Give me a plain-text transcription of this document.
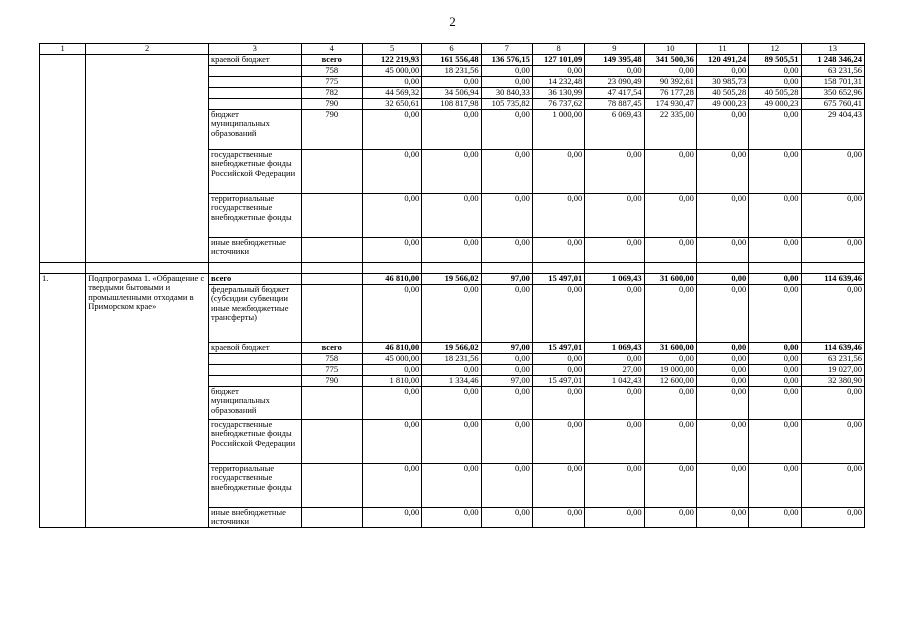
2
1	2	3	4	5	6	7	8	9	10	11	12	13
		краевой бюджет	всего	122 219,93	161 556,48	136 576,15	127 101,09	149 395,48	341 500,36	120 491,24	89 505,51	1 248 346,24
			758	45 000,00	18 231,56	0,00	0,00	0,00	0,00	0,00	0,00	63 231,56
			775	0,00	0,00	0,00	14 232,48	23 090,49	90 392,61	30 985,73	0,00	158 701,31
			782	44 569,32	34 506,94	30 840,33	36 130,99	47 417,54	76 177,28	40 505,28	40 505,28	350 652,96
			790	32 650,61	108 817,98	105 735,82	76 737,62	78 887,45	174 930,47	49 000,23	49 000,23	675 760,41
		бюджет муниципальных образований	790	0,00	0,00	0,00	1 000,00	6 069,43	22 335,00	0,00	0,00	29 404,43
		государственные внебюджетные фонды Российской Федерации		0,00	0,00	0,00	0,00	0,00	0,00	0,00	0,00	0,00
		территориальные государственные внебюджетные фонды		0,00	0,00	0,00	0,00	0,00	0,00	0,00	0,00	0,00
		иные внебюджетные источники		0,00	0,00	0,00	0,00	0,00	0,00	0,00	0,00	0,00

1.	Подпрограмма 1. «Обращение с твердыми бытовыми и промышленными отходами в Приморском крае»	всего		46 810,00	19 566,02	97,00	15 497,01	1 069,43	31 600,00	0,00	0,00	114 639,46
		федеральный бюджет (субсидии субвенции иные межбюджетные трансферты)		0,00	0,00	0,00	0,00	0,00	0,00	0,00	0,00	0,00
		краевой бюджет	всего	46 810,00	19 566,02	97,00	15 497,01	1 069,43	31 600,00	0,00	0,00	114 639,46
			758	45 000,00	18 231,56	0,00	0,00	0,00	0,00	0,00	0,00	63 231,56
			775	0,00	0,00	0,00	0,00	27,00	19 000,00	0,00	0,00	19 027,00
			790	1 810,00	1 334,46	97,00	15 497,01	1 042,43	12 600,00	0,00	0,00	32 380,90
		бюджет муниципальных образований		0,00	0,00	0,00	0,00	0,00	0,00	0,00	0,00	0,00
		государственные внебюджетные фонды Российской Федерации		0,00	0,00	0,00	0,00	0,00	0,00	0,00	0,00	0,00
		территориальные государственные внебюджетные фонды		0,00	0,00	0,00	0,00	0,00	0,00	0,00	0,00	0,00
		иные внебюджетные источники		0,00	0,00	0,00	0,00	0,00	0,00	0,00	0,00	0,00
